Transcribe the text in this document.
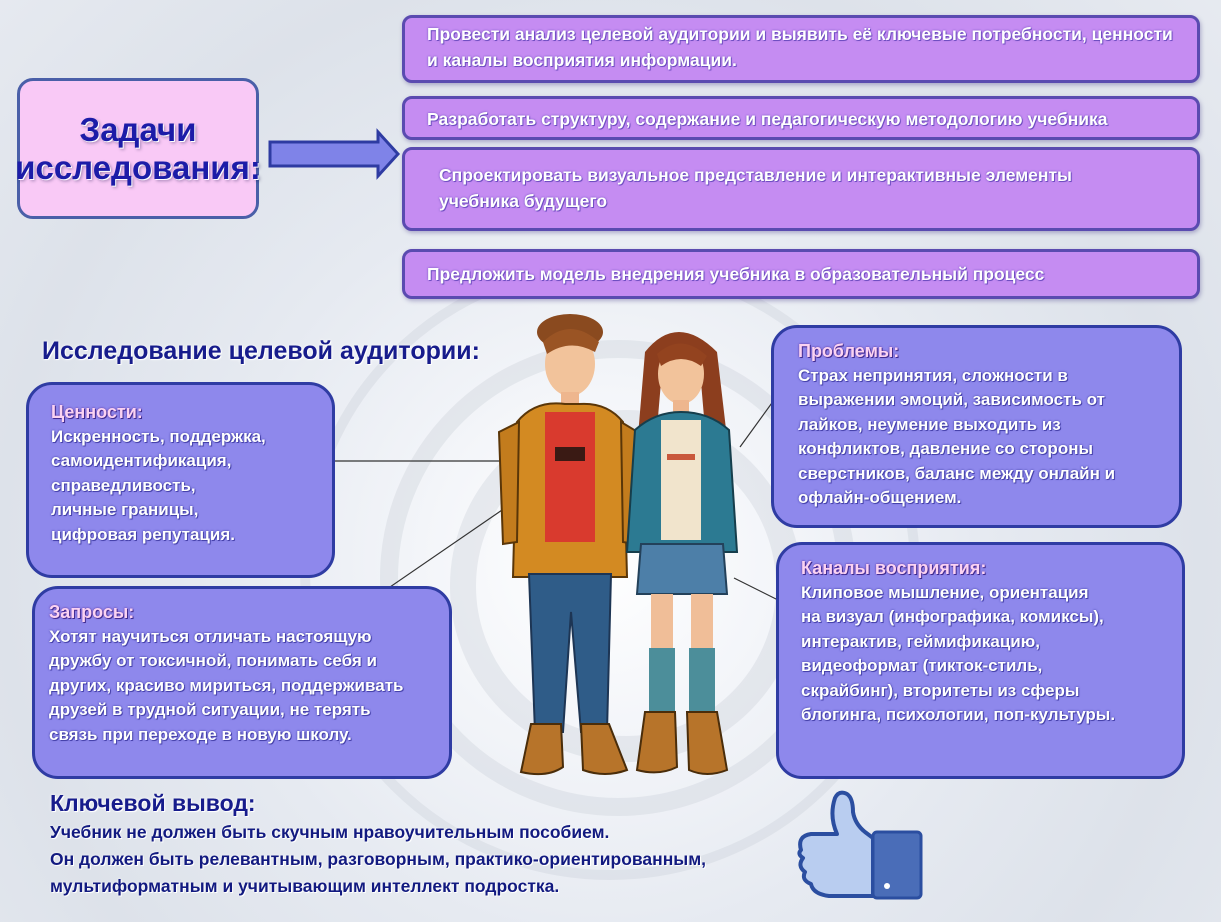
Задачи исследования:
Провести анализ целевой аудитории и выявить её ключевые потребности, ценности и каналы восприятия информации.
Разработать структуру, содержание и педагогическую методологию учебника
Спроектировать визуальное представление и интерактивные элементы учебника будущего
Предложить модель внедрения учебника в образовательный процесс
Исследование целевой аудитории:
Ценности:
Искренность, поддержка,
самоидентификация,
справедливость,
личные границы,
цифровая репутация.
Запросы:
Хотят научиться отличать настоящую
дружбу от токсичной, понимать себя и
других, красиво мириться, поддерживать
друзей в трудной ситуации, не терять
связь при переходе в новую школу.
Проблемы:
Страх непринятия, сложности в
выражении эмоций, зависимость от
лайков, неумение выходить из
конфликтов, давление со стороны
сверстников, баланс между онлайн и
офлайн-общением.
Каналы восприятия:
Клиповое мышление, ориентация
на визуал (инфографика, комиксы),
интерактив, геймификацию,
видеоформат (тикток-стиль,
скрайбинг), вторитеты из сферы
блогинга, психологии, поп-культуры.
Ключевой вывод:
Учебник не должен быть скучным нравоучительным пособием.
Он должен быть релевантным, разговорным, практико-ориентированным,
мультиформатным и учитывающим интеллект подростка.
